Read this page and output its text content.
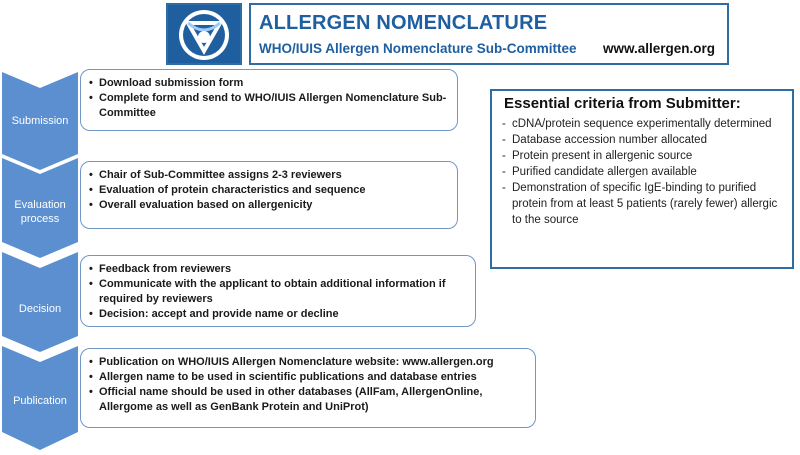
ALLERGEN NOMENCLATURE
WHO/IUIS Allergen Nomenclature Sub-Committee www.allergen.org
Submission
• Download submission form
• Complete form and send to WHO/IUIS Allergen Nomenclature Sub-Committee
Evaluation process
• Chair of Sub-Committee assigns 2-3 reviewers
• Evaluation of protein characteristics and sequence
• Overall evaluation based on allergenicity
Decision
• Feedback from reviewers
• Communicate with the applicant to obtain additional information if required by reviewers
• Decision: accept and provide name or decline
Publication
• Publication on WHO/IUIS Allergen Nomenclature website: www.allergen.org
• Allergen name to be used in scientific publications and database entries
• Official name should be used in other databases (AllFam, AllergenOnline, Allergome as well as GenBank Protein and UniProt)
Essential criteria from Submitter:
- cDNA/protein sequence experimentally determined
- Database accession number allocated
- Protein present in allergenic source
- Purified candidate allergen available
- Demonstration of specific IgE-binding to purified protein from at least 5 patients (rarely fewer) allergic to the source
